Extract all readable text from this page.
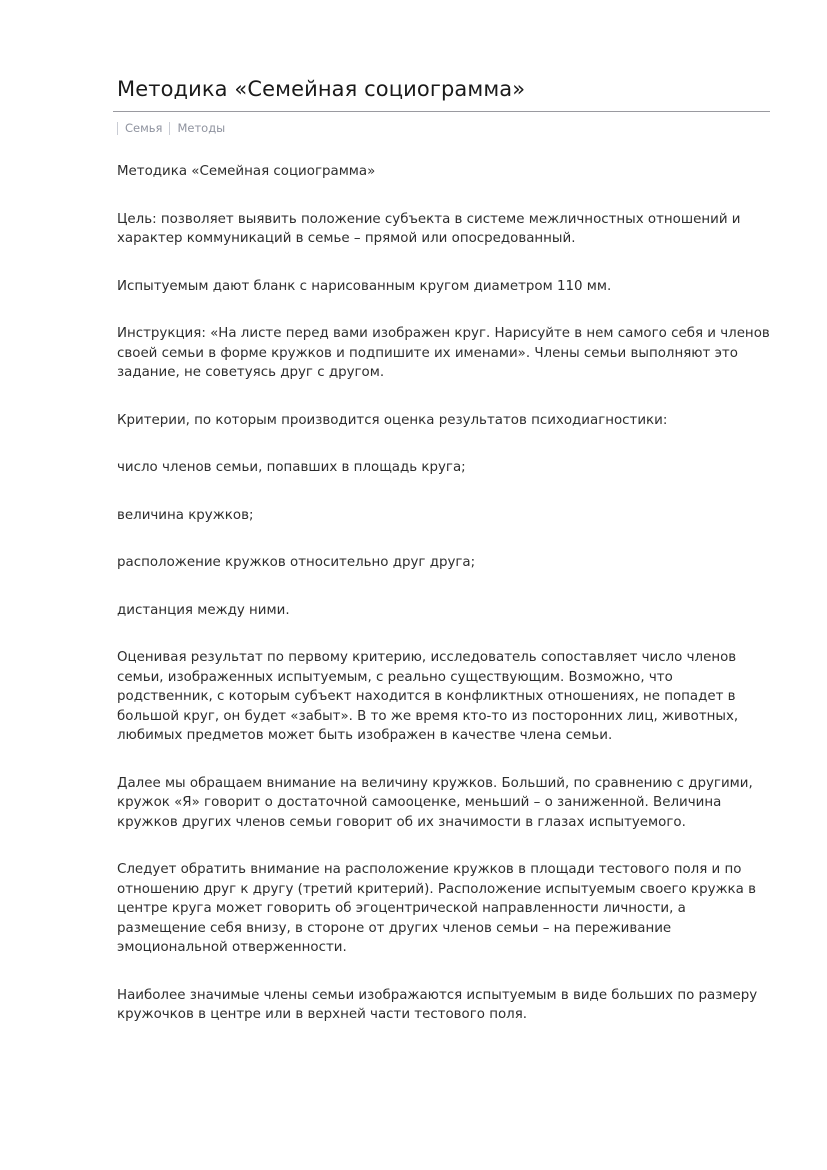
Методика «Семейная социограмма»
Семья	Методы

Методика «Семейная социограмма»

Цель: позволяет выявить положение субъекта в системе межличностных отношений и характер коммуникаций в семье – прямой или опосредованный.

Испытуемым дают бланк с нарисованным кругом диаметром 110 мм.

Инструкция: «На листе перед вами изображен круг. Нарисуйте в нем самого себя и членов своей семьи в форме кружков и подпишите их именами». Члены семьи выполняют это задание, не советуясь друг с другом.

Критерии, по которым производится оценка результатов психодиагностики:

число членов семьи, попавших в площадь круга;

величина кружков;

расположение кружков относительно друг друга;

дистанция между ними.

Оценивая результат по первому критерию, исследователь сопоставляет число членов семьи, изображенных испытуемым, с реально существующим. Возможно, что родственник, с которым субъект находится в конфликтных отношениях, не попадет в большой круг, он будет «забыт». В то же время кто-то из посторонних лиц, животных, любимых предметов может быть изображен в качестве члена семьи.

Далее мы обращаем внимание на величину кружков. Больший, по сравнению с другими, кружок «Я» говорит о достаточной самооценке, меньший – о заниженной. Величина кружков других членов семьи говорит об их значимости в глазах испытуемого.

Следует обратить внимание на расположение кружков в площади тестового поля и по отношению друг к другу (третий критерий). Расположение испытуемым своего кружка в центре круга может говорить об эгоцентрической направленности личности, а размещение себя внизу, в стороне от других членов семьи – на переживание эмоциональной отверженности.

Наиболее значимые члены семьи изображаются испытуемым в виде больших по размеру кружочков в центре или в верхней части тестового поля.
